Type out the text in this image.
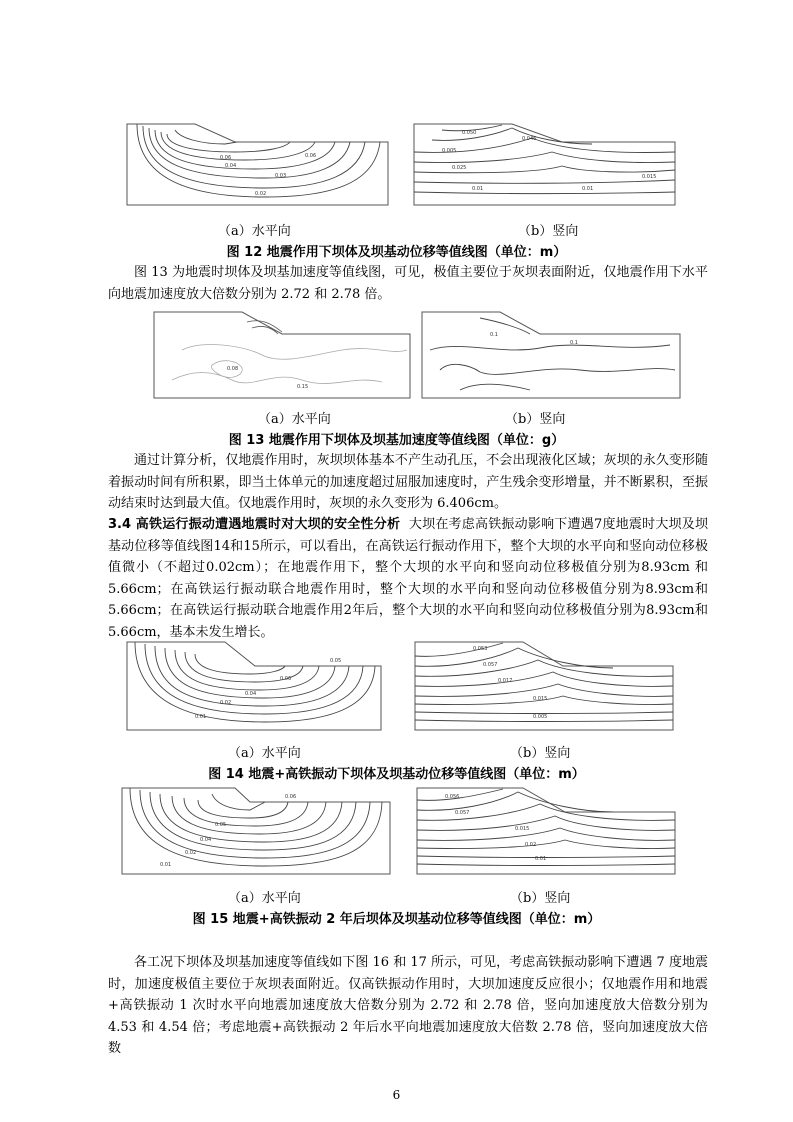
0.02
0.03
0.04
0.06	0.06
0.050
0.045
0.005
0.025
0.01	0.01
0.015
（a）水平向	（b）竖向
图 12 地震作用下坝体及坝基动位移等值线图（单位：m）

图 13 为地震时坝体及坝基加速度等值线图，可见，极值主要位于灰坝表面附近，仅地震作用下水平向地震加速度放大倍数分别为 2.72 和 2.78 倍。

0.08
0.15
0.1
0.1
（a）水平向	（b）竖向
图 13 地震作用下坝体及坝基加速度等值线图（单位：g）

通过计算分析，仅地震作用时，灰坝坝体基本不产生动孔压，不会出现液化区域；灰坝的永久变形随着振动时间有所积累，即当土体单元的加速度超过屈服加速度时，产生残余变形增量，并不断累积，至振动结束时达到最大值。仅地震作用时，灰坝的永久变形为 6.406cm。

3.4 高铁运行振动遭遇地震时对大坝的安全性分析 大坝在考虑高铁振动影响下遭遇7度地震时大坝及坝基动位移等值线图14和15所示，可以看出，在高铁运行振动作用下，整个大坝的水平向和竖向动位移极值微小（不超过0.02cm）；在地震作用下，整个大坝的水平向和竖向动位移极值分别为8.93cm 和 5.66cm；在高铁运行振动联合地震作用时，整个大坝的水平向和竖向动位移极值分别为8.93cm和5.66cm；在高铁运行振动联合地震作用2年后，整个大坝的水平向和竖向动位移极值分别为8.93cm和5.66cm，基本未发生增长。

0.05
0.06
0.04
0.02
0.01
0.053
0.057
0.017
0.015
0.005
（a）水平向	（b）竖向
图 14 地震+高铁振动下坝体及坝基动位移等值线图（单位：m）
0.06
0.05
0.04
0.02
0.01
0.056
0.057
0.015
0.02
0.01
（a）水平向	（b）竖向
图 15 地震+高铁振动 2 年后坝体及坝基动位移等值线图（单位：m）

各工况下坝体及坝基加速度等值线如下图 16 和 17 所示，可见，考虑高铁振动影响下遭遇 7 度地震时，加速度极值主要位于灰坝表面附近。仅高铁振动作用时，大坝加速度反应很小；仅地震作用和地震+高铁振动 1 次时水平向地震加速度放大倍数分别为 2.72 和 2.78 倍，竖向加速度放大倍数分别为 4.53 和 4.54 倍；考虑地震+高铁振动 2 年后水平向地震加速度放大倍数 2.78 倍，竖向加速度放大倍数

6
